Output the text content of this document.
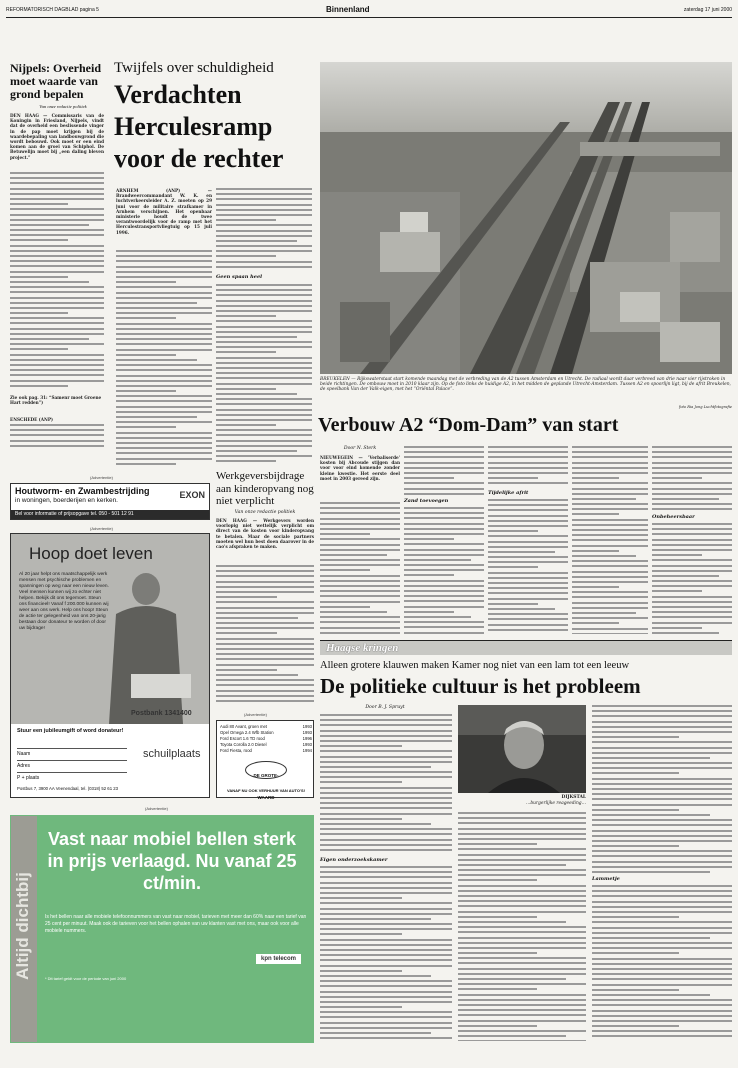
REFORMATORISCH DAGBLAD pagina 5	Binnenland	zaterdag 17 juni 2000
Nijpels: Overheid moet waarde van grond bepalen
Van onze redactie politiek
DEN HAAG — Commissaris van de Koningin in Friesland, Nijpels, vindt dat de overheid een beslissende vinger in de pap moet krijgen bij de waardebepaling van landbouwgrond die wordt bebouwd. Ook moet er een eind komen aan de groei van Schiphol. De Betuwelijn moet bij „een daling bleven project.”
Zie ook pag. 31: “Samenr moet Groene Hart redden”)
ENSCHEDE (ANP)
Twijfels over schuldigheid
Verdachten
Herculesramp
voor de rechter
ARNHEM (ANP) — Brandweercommandant W. K. en luchtverkeersleider A. Z. moeten op 29 juni voor de militaire strafkamer in Arnhem verschijnen. Het openbaar ministerie houdt de twee verantwoordelijk voor de ramp met het Herculestransportvliegtuig op 15 juli 1996.
Geen spaan heel
BREUKELEN — Rijkswaterstaat start komende maandag met de verbreding van de A2 tussen Amsterdam en Utrecht. De radiaal wordt daar verbreed van drie naar vier rijstroken in beide richtingen. De ombouw moet in 2010 klaar zijn. Op de foto links de huidige A2, in het midden de geplande Utrecht-Amsterdam. Tussen A2 en spoorlijn ligt, bij de afrit Breukelen, de speelbank Van der Valk-eigen, met het “Oriëntal Palace”.
foto Ria Jong Luchtfotografie
Verbouw A2 “Dom-Dam” van start
Door N. Sterk
NIEUWEGEIN — 'Verbaliserde' kosten bij Abcoude stijgen dan voor voor eind komende zonder kleine kwestie. Het eerste deel moet in 2003 gereed zijn.
Zand toevoegen
Tijdelijke afrit
Onbeheersbaar
Werkgeversbijdrage aan kinderopvang nog niet verplicht
Van onze redactie politiek
DEN HAAG — Werkgevers worden voorlopig niet wettelijk verplicht om direct van de kosten voor kinderopvang te betalen. Maar de sociale partners moeten wel hun best doen daarover in de cao's afspraken te maken.
(Advertentie)
Houtworm- en Zwambestrijding
in woningen, boerderijen en kerken.
Bel voor informatie of prijsopgave tel. 050 - 501 12 91
EXON
(Advertentie)
Hoop doet leven
Al 20 jaar helpt ons maatschappelijk werk mensen met psychische problemen en spanningen op weg naar een nieuw leven. Veel mensen kunnen wij zo echter niet helpen. Bekijk dit ons tegemoet. Steun ons financieel! Vanaf f 200.000 kunnen wij weer aan ons werk. Help ons hoop! Steun de actie ter gelegenheid van ons 20-jarig bestaan door donateur te worden of door uw bijdrage!
Postbank 1341400
Stuur een jubileumgift of word donateur!
Naam
Adres
P + plaats
schuilplaats
Postbus 7, 3900 AA Veenendaal, tel. (0318) 52 61 23
(Advertentie)
Audi 80 Avant, groen met	1993
Opel Omega 2.4 Wfb Station	1993
Ford Escort 1.6 TD rood	1996
Toyota Corolla 2.0 Diesel	1993
Ford Fiesta, rood	1994
DE GROTE-WAARD
VANAF NU OOK VERHUUR VAN AUTO'S!
(Advertentie)
Altijd dichtbij
Vast naar mobiel bellen sterk in prijs verlaagd. Nu vanaf 25 ct/min.
Is het bellen naar alle mobiele telefoonnummers van vast naar mobiel, tarieven met meer dan 60% naar een tarief van 25 cent per minuut. Maak ook de tarieven voor het bellen ophalen van uw klanten vast met ons, maar ook voor alle mobiele nummers.
kpn telecom
* Dit tarief geldt voor de periode van juni 2000
Haagse kringen
Alleen grotere klauwen maken Kamer nog niet van een lam tot een leeuw
De politieke cultuur is het probleem
Door B. J. Spruyt
Eigen onderzoekskamer
DIJKSTAL
…burgerlijke reageeding…
Lammetje
